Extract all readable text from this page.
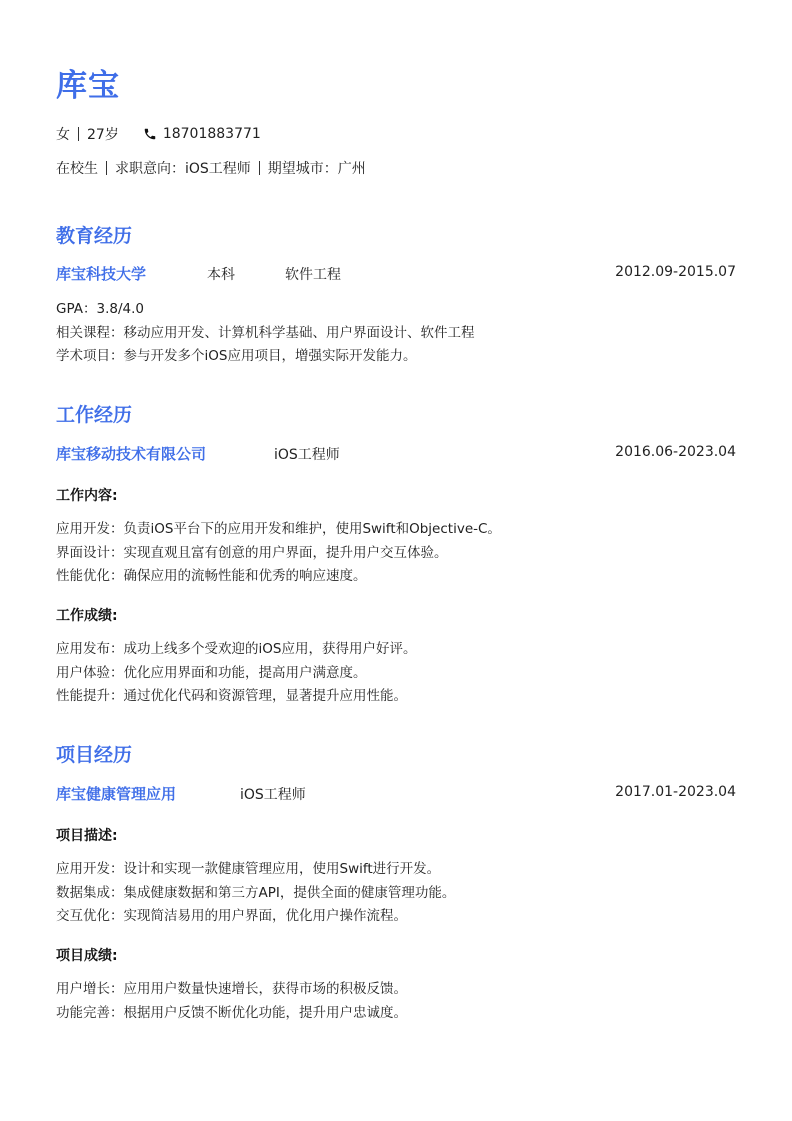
库宝
女 27岁	18701883771
在校生 求职意向：iOS工程师 期望城市：广州
教育经历
库宝科技大学	本科	软件工程	2012.09-2015.07
GPA：3.8/4.0
相关课程：移动应用开发、计算机科学基础、用户界面设计、软件工程
学术项目：参与开发多个iOS应用项目，增强实际开发能力。
工作经历
库宝移动技术有限公司	iOS工程师	2016.06-2023.04
工作内容:
应用开发：负责iOS平台下的应用开发和维护，使用Swift和Objective-C。
界面设计：实现直观且富有创意的用户界面，提升用户交互体验。
性能优化：确保应用的流畅性能和优秀的响应速度。
工作成绩:
应用发布：成功上线多个受欢迎的iOS应用，获得用户好评。
用户体验：优化应用界面和功能，提高用户满意度。
性能提升：通过优化代码和资源管理，显著提升应用性能。
项目经历
库宝健康管理应用	iOS工程师	2017.01-2023.04
项目描述:
应用开发：设计和实现一款健康管理应用，使用Swift进行开发。
数据集成：集成健康数据和第三方API，提供全面的健康管理功能。
交互优化：实现简洁易用的用户界面，优化用户操作流程。
项目成绩:
用户增长：应用用户数量快速增长，获得市场的积极反馈。
功能完善：根据用户反馈不断优化功能，提升用户忠诚度。
